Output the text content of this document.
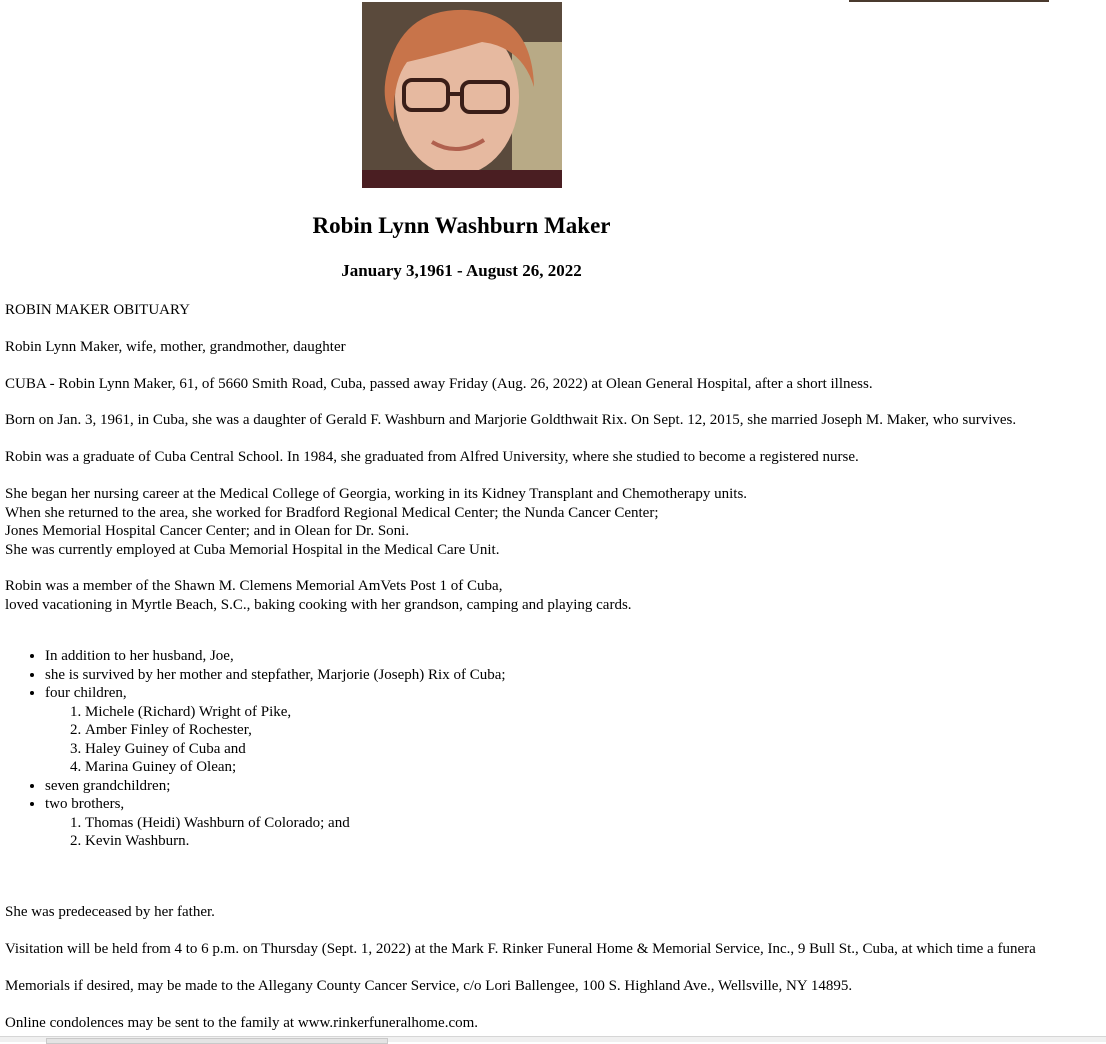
Robin Lynn Washburn Maker
January 3,1961 - August 26, 2022

ROBIN MAKER OBITUARY

Robin Lynn Maker, wife, mother, grandmother, daughter

CUBA - Robin Lynn Maker, 61, of 5660 Smith Road, Cuba, passed away Friday (Aug. 26, 2022) at Olean General Hospital, after a short illness.

Born on Jan. 3, 1961, in Cuba, she was a daughter of Gerald F. Washburn and Marjorie Goldthwait Rix. On Sept. 12, 2015, she married Joseph M. Maker, who survives.

Robin was a graduate of Cuba Central School. In 1984, she graduated from Alfred University, where she studied to become a registered nurse.

She began her nursing career at the Medical College of Georgia, working in its Kidney Transplant and Chemotherapy units.
When she returned to the area, she worked for Bradford Regional Medical Center; the Nunda Cancer Center;
Jones Memorial Hospital Cancer Center; and in Olean for Dr. Soni.
She was currently employed at Cuba Memorial Hospital in the Medical Care Unit.

Robin was a member of the Shawn M. Clemens Memorial AmVets Post 1 of Cuba,
loved vacationing in Myrtle Beach, S.C., baking cooking with her grandson, camping and playing cards.

• In addition to her husband, Joe,
• she is survived by her mother and stepfather, Marjorie (Joseph) Rix of Cuba;
• four children,
1. Michele (Richard) Wright of Pike,
2. Amber Finley of Rochester,
3. Haley Guiney of Cuba and
4. Marina Guiney of Olean;
• seven grandchildren;
• two brothers,
1. Thomas (Heidi) Washburn of Colorado; and
2. Kevin Washburn.

She was predeceased by her father.

Visitation will be held from 4 to 6 p.m. on Thursday (Sept. 1, 2022) at the Mark F. Rinker Funeral Home & Memorial Service, Inc., 9 Bull St., Cuba, at which time a funera

Memorials if desired, may be made to the Allegany County Cancer Service, c/o Lori Ballengee, 100 S. Highland Ave., Wellsville, NY 14895.

Online condolences may be sent to the family at www.rinkerfuneralhome.com.
